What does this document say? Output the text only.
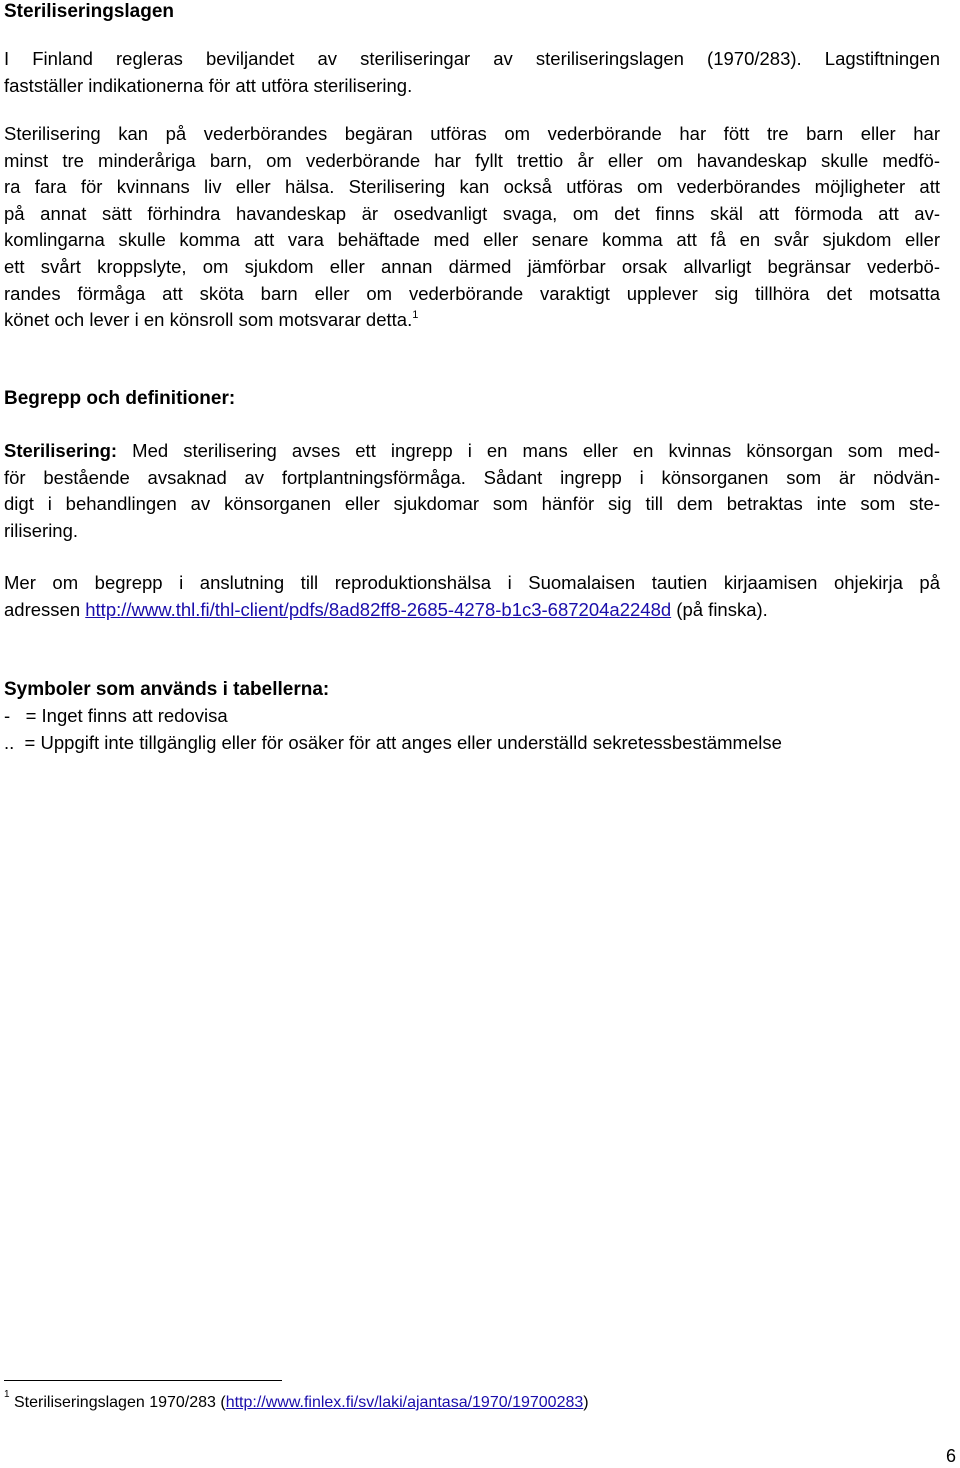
Steriliseringslagen

I Finland regleras beviljandet av steriliseringar av steriliseringslagen (1970/283). Lagstiftningen
fastställer indikationerna för att utföra sterilisering.

Sterilisering kan på vederbörandes begäran utföras om vederbörande har fött tre barn eller har
minst tre minderåriga barn, om vederbörande har fyllt trettio år eller om havandeskap skulle medfö-
ra fara för kvinnans liv eller hälsa. Sterilisering kan också utföras om vederbörandes möjligheter att
på annat sätt förhindra havandeskap är osedvanligt svaga, om det finns skäl att förmoda att av-
komlingarna skulle komma att vara behäftade med eller senare komma att få en svår sjukdom eller
ett svårt kroppslyte, om sjukdom eller annan därmed jämförbar orsak allvarligt begränsar vederbö-
randes förmåga att sköta barn eller om vederbörande varaktigt upplever sig tillhöra det motsatta
könet och lever i en könsroll som motsvarar detta.$^1$

Begrepp och definitioner:

Sterilisering: Med sterilisering avses ett ingrepp i en mans eller en kvinnas könsorgan som med-
för bestående avsaknad av fortplantningsförmåga. Sådant ingrepp i könsorganen som är nödvän-
digt i behandlingen av könsorganen eller sjukdomar som hänför sig till dem betraktas inte som ste-
rilisering.

Mer om begrepp i anslutning till reproduktionshälsa i Suomalaisen tautien kirjaamisen ohjekirja på
adressen http://www.thl.fi/thl-client/pdfs/8ad82ff8-2685-4278-b1c3-687204a2248d (på finska).

Symboler som används i tabellerna:
-   = Inget finns att redovisa
..  = Uppgift inte tillgänglig eller för osäker för att anges eller underställd sekretessbestämmelse
$^1$ Steriliseringslagen 1970/283 (http://www.finlex.fi/sv/laki/ajantasa/1970/19700283)
6
